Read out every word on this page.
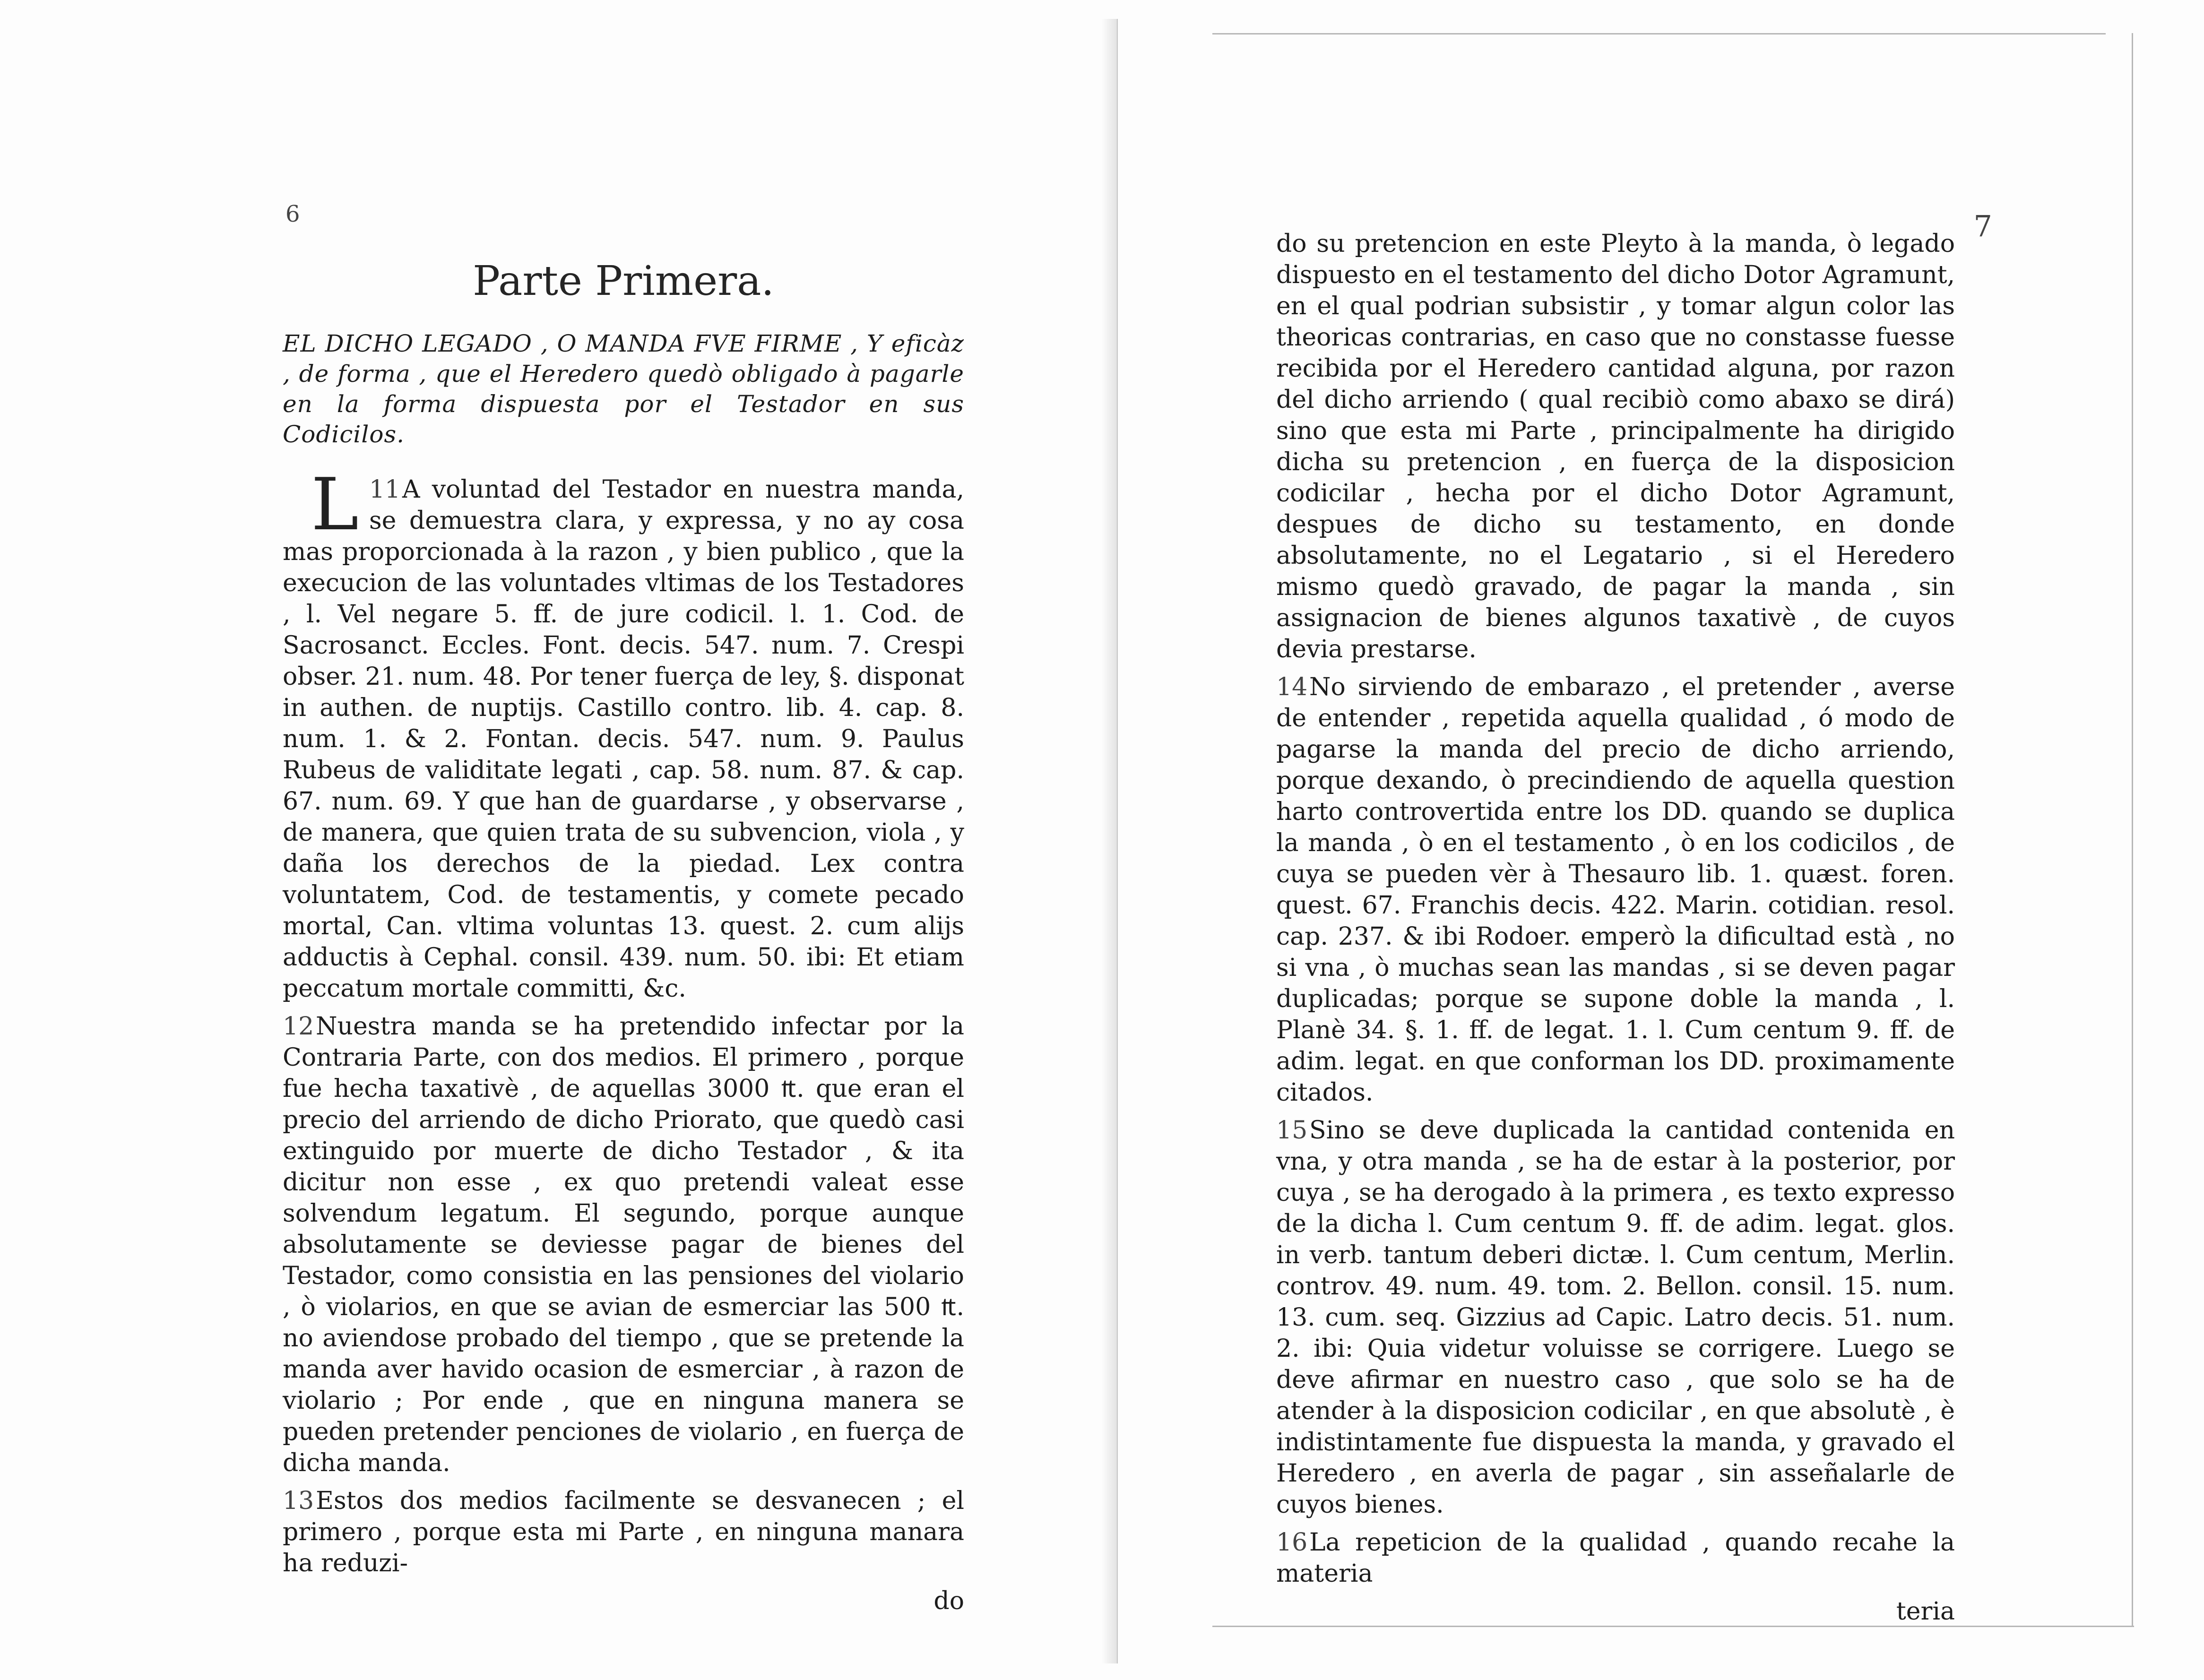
6
Parte Primera.
EL DICHO LEGADO , O MANDA FVE FIRME , Y eficàz , de forma , que el Heredero quedò obligado à pagarle en la forma dispuesta por el Testador en sus Codicilos.

11
L A voluntad del Testador en nuestra manda, se demuestra clara, y expressa, y no ay cosa mas proporcionada à la razon , y bien publico , que la execucion de las voluntades vltimas de los Testadores , l. Vel negare 5. ff. de jure codicil. l. 1. Cod. de Sacrosanct. Eccles. Font. decis. 547. num. 7. Crespi obser. 21. num. 48. Por tener fuerça de ley, §. disponat in authen. de nuptijs. Castillo contro. lib. 4. cap. 8. num. 1. & 2. Fontan. decis. 547. num. 9. Paulus Rubeus de validitate legati , cap. 58. num. 87. & cap. 67. num. 69. Y que han de guardarse , y observarse , de manera, que quien trata de su subvencion, viola , y daña los derechos de la piedad. Lex contra voluntatem, Cod. de testamentis, y comete pecado mortal, Can. vltima voluntas 13. quest. 2. cum alijs adductis à Cephal. consil. 439. num. 50. ibi: Et etiam peccatum mortale committi, &c.

12Nuestra manda se ha pretendido infectar por la Contraria Parte, con dos medios. El primero , porque fue hecha taxativè , de aquellas 3000 ₶. que eran el precio del arriendo de dicho Priorato, que quedò casi extinguido por muerte de dicho Testador , & ita dicitur non esse , ex quo pretendi valeat esse solvendum legatum. El segundo, porque aunque absolutamente se deviesse pagar de bienes del Testador, como consistia en las pensiones del violario , ò violarios, en que se avian de esmerciar las 500 ₶. no aviendose probado del tiempo , que se pretende la manda aver havido ocasion de esmerciar , à razon de violario ; Por ende , que en ninguna manera se pueden pretender penciones de violario , en fuerça de dicha manda.

13Estos dos medios facilmente se desvanecen ; el primero , porque esta mi Parte , en ninguna manara ha reduzi-

do
7

do su pretencion en este Pleyto à la manda, ò legado dispuesto en el testamento del dicho Dotor Agramunt, en el qual podrian subsistir , y tomar algun color las theoricas contrarias, en caso que no constasse fuesse recibida por el Heredero cantidad alguna, por razon del dicho arriendo ( qual recibiò como abaxo se dirá) sino que esta mi Parte , principalmente ha dirigido dicha su pretencion , en fuerça de la disposicion codicilar , hecha por el dicho Dotor Agramunt, despues de dicho su testamento, en donde absolutamente, no el Legatario , si el Heredero mismo quedò gravado, de pagar la manda , sin assignacion de bienes algunos taxativè , de cuyos devia prestarse.

14No sirviendo de embarazo , el pretender , averse de entender , repetida aquella qualidad , ó modo de pagarse la manda del precio de dicho arriendo, porque dexando, ò precindiendo de aquella question harto controvertida entre los DD. quando se duplica la manda , ò en el testamento , ò en los codicilos , de cuya se pueden vèr à Thesauro lib. 1. quæst. foren. quest. 67. Franchis decis. 422. Marin. cotidian. resol. cap. 237. & ibi Rodoer. emperò la dificultad està , no si vna , ò muchas sean las mandas , si se deven pagar duplicadas; porque se supone doble la manda , l. Planè 34. §. 1. ff. de legat. 1. l. Cum centum 9. ff. de adim. legat. en que conforman los DD. proximamente citados.

15Sino se deve duplicada la cantidad contenida en vna, y otra manda , se ha de estar à la posterior, por cuya , se ha derogado à la primera , es texto expresso de la dicha l. Cum centum 9. ff. de adim. legat. glos. in verb. tantum deberi dictæ. l. Cum centum, Merlin. controv. 49. num. 49. tom. 2. Bellon. consil. 15. num. 13. cum. seq. Gizzius ad Capic. Latro decis. 51. num. 2. ibi: Quia videtur voluisse se corrigere. Luego se deve afirmar en nuestro caso , que solo se ha de atender à la disposicion codicilar , en que absolutè , è indistintamente fue dispuesta la manda, y gravado el Heredero , en averla de pagar , sin asseñalarle de cuyos bienes.

16La repeticion de la qualidad , quando recahe la materia

teria
